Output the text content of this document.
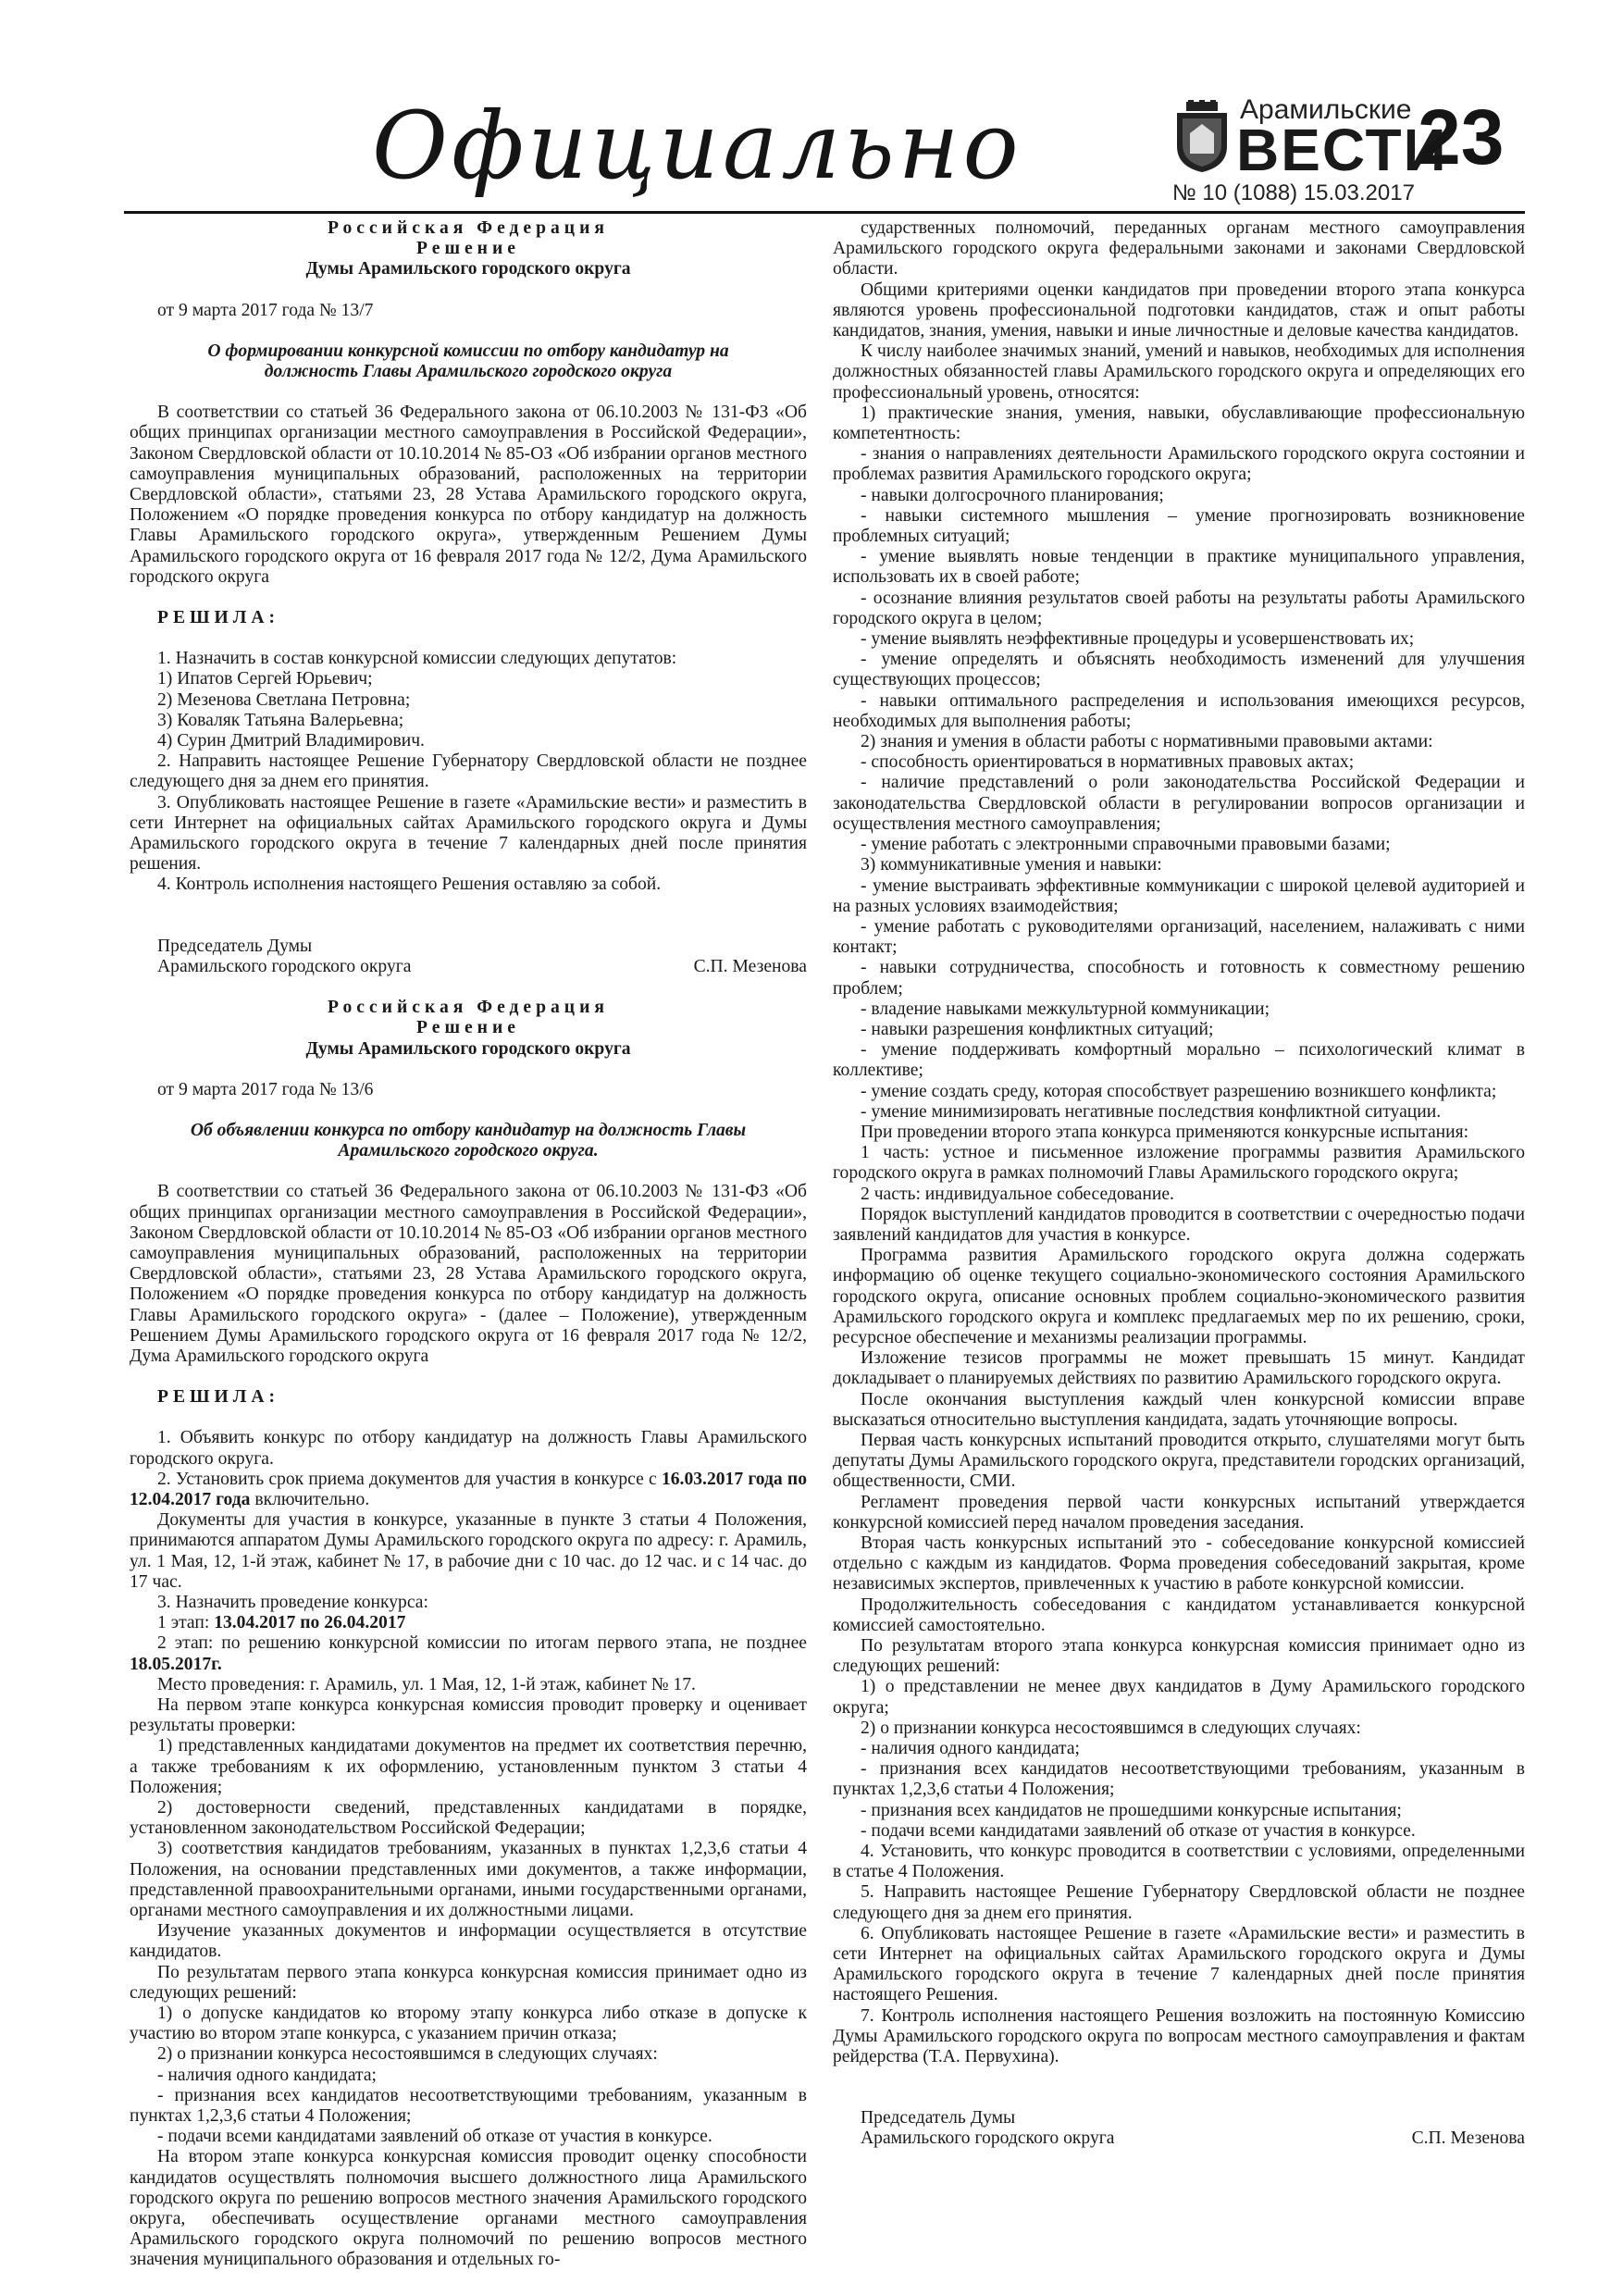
Официально	Арамильские
ВЕСТИ
23
№ 10 (1088) 15.03.2017

Российская Федерация

Решение

Думы Арамильского городского округа

от 9 марта 2017 года № 13/7

О формировании конкурсной комиссии по отбору кандидатур на должность Главы Арамильского городского округа

В соответствии со статьей 36 Федерального закона от 06.10.2003 № 131-ФЗ «Об общих принципах организации местного самоуправления в Российской Федерации», Законом Свердловской области от 10.10.2014 № 85-ОЗ «Об избрании органов местного самоуправления муниципальных образований, расположенных на территории Свердловской области», статьями 23, 28 Устава Арамильского городского округа, Положением «О порядке проведения конкурса по отбору кандидатур на должность Главы Арамильского городского округа», утвержденным Решением Думы Арамильского городского округа от 16 февраля 2017 года № 12/2, Дума Арамильского городского округа

РЕШИЛА:

1. Назначить в состав конкурсной комиссии следующих депутатов:

1) Ипатов Сергей Юрьевич;

2) Мезенова Светлана Петровна;

3) Коваляк Татьяна Валерьевна;

4) Сурин Дмитрий Владимирович.

2. Направить настоящее Решение Губернатору Свердловской области не позднее следующего дня за днем его принятия.

3. Опубликовать настоящее Решение в газете «Арамильские вести» и разместить в сети Интернет на официальных сайтах Арамильского городского округа и Думы Арамильского городского округа в течение 7 календарных дней после принятия решения.

4. Контроль исполнения настоящего Решения оставляю за собой.

Председатель Думы

Арамильского городского округа	С.П. Мезенова

Российская Федерация

Решение

Думы Арамильского городского округа

от 9 марта 2017 года № 13/6

Об объявлении конкурса по отбору кандидатур на должность Главы Арамильского городского округа.

В соответствии со статьей 36 Федерального закона от 06.10.2003 № 131-ФЗ «Об общих принципах организации местного самоуправления в Российской Федерации», Законом Свердловской области от 10.10.2014 № 85-ОЗ «Об избрании органов местного самоуправления муниципальных образований, расположенных на территории Свердловской области», статьями 23, 28 Устава Арамильского городского округа, Положением «О порядке проведения конкурса по отбору кандидатур на должность Главы Арамильского городского округа» - (далее – Положение), утвержденным Решением Думы Арамильского городского округа от 16 февраля 2017 года № 12/2, Дума Арамильского городского округа

РЕШИЛА:

1. Объявить конкурс по отбору кандидатур на должность Главы Арамильского городского округа.

2. Установить срок приема документов для участия в конкурсе с 16.03.2017 года по 12.04.2017 года включительно.

Документы для участия в конкурсе, указанные в пункте 3 статьи 4 Положения, принимаются аппаратом Думы Арамильского городского округа по адресу: г. Арамиль, ул. 1 Мая, 12, 1-й этаж, кабинет № 17, в рабочие дни с 10 час. до 12 час. и с 14 час. до 17 час.

3. Назначить проведение конкурса:

1 этап: 13.04.2017 по 26.04.2017

2 этап: по решению конкурсной комиссии по итогам первого этапа, не позднее 18.05.2017г.

Место проведения: г. Арамиль, ул. 1 Мая, 12, 1-й этаж, кабинет № 17.

На первом этапе конкурса конкурсная комиссия проводит проверку и оценивает результаты проверки:

1) представленных кандидатами документов на предмет их соответствия перечню, а также требованиям к их оформлению, установленным пунктом 3 статьи 4 Положения;

2) достоверности сведений, представленных кандидатами в порядке, установленном законодательством Российской Федерации;

3) соответствия кандидатов требованиям, указанных в пунктах 1,2,3,6 статьи 4 Положения, на основании представленных ими документов, а также информации, представленной правоохранительными органами, иными государственными органами, органами местного самоуправления и их должностными лицами.

Изучение указанных документов и информации осуществляется в отсутствие кандидатов.

По результатам первого этапа конкурса конкурсная комиссия принимает одно из следующих решений:

1) о допуске кандидатов ко второму этапу конкурса либо отказе в допуске к участию во втором этапе конкурса, с указанием причин отказа;

2) о признании конкурса несостоявшимся в следующих случаях:

- наличия одного кандидата;

- признания всех кандидатов несоответствующими требованиям, указанным в пунктах 1,2,3,6 статьи 4 Положения;

- подачи всеми кандидатами заявлений об отказе от участия в конкурсе.

На втором этапе конкурса конкурсная комиссия проводит оценку способности кандидатов осуществлять полномочия высшего должностного лица Арамильского городского округа по решению вопросов местного значения Арамильского городского округа, обеспечивать осуществление органами местного самоуправления Арамильского городского округа полномочий по решению вопросов местного значения муниципального образования и отдельных го-

сударственных полномочий, переданных органам местного самоуправления Арамильского городского округа федеральными законами и законами Свердловской области.

Общими критериями оценки кандидатов при проведении второго этапа конкурса являются уровень профессиональной подготовки кандидатов, стаж и опыт работы кандидатов, знания, умения, навыки и иные личностные и деловые качества кандидатов.

К числу наиболее значимых знаний, умений и навыков, необходимых для исполнения должностных обязанностей главы Арамильского городского округа и определяющих его профессиональный уровень, относятся:

1) практические знания, умения, навыки, обуславливающие профессиональную компетентность:

- знания о направлениях деятельности Арамильского городского округа состоянии и проблемах развития Арамильского городского округа;

- навыки долгосрочного планирования;

- навыки системного мышления – умение прогнозировать возникновение проблемных ситуаций;

- умение выявлять новые тенденции в практике муниципального управления, использовать их в своей работе;

- осознание влияния результатов своей работы на результаты работы Арамильского городского округа в целом;

- умение выявлять неэффективные процедуры и усовершенствовать их;

- умение определять и объяснять необходимость изменений для улучшения существующих процессов;

- навыки оптимального распределения и использования имеющихся ресурсов, необходимых для выполнения работы;

2) знания и умения в области работы с нормативными правовыми актами:

- способность ориентироваться в нормативных правовых актах;

- наличие представлений о роли законодательства Российской Федерации и законодательства Свердловской области в регулировании вопросов организации и осуществления местного самоуправления;

- умение работать с электронными справочными правовыми базами;

3) коммуникативные умения и навыки:

- умение выстраивать эффективные коммуникации с широкой целевой аудиторией и на разных условиях взаимодействия;

- умение работать с руководителями организаций, населением, налаживать с ними контакт;

- навыки сотрудничества, способность и готовность к совместному решению проблем;

- владение навыками межкультурной коммуникации;

- навыки разрешения конфликтных ситуаций;

- умение поддерживать комфортный морально – психологический климат в коллективе;

- умение создать среду, которая способствует разрешению возникшего конфликта;

- умение минимизировать негативные последствия конфликтной ситуации.

При проведении второго этапа конкурса применяются конкурсные испытания:

1 часть: устное и письменное изложение программы развития Арамильского городского округа в рамках полномочий Главы Арамильского городского округа;

2 часть: индивидуальное собеседование.

Порядок выступлений кандидатов проводится в соответствии с очередностью подачи заявлений кандидатов для участия в конкурсе.

Программа развития Арамильского городского округа должна содержать информацию об оценке текущего социально-экономического состояния Арамильского городского округа, описание основных проблем социально-экономического развития Арамильского городского округа и комплекс предлагаемых мер по их решению, сроки, ресурсное обеспечение и механизмы реализации программы.

Изложение тезисов программы не может превышать 15 минут. Кандидат докладывает о планируемых действиях по развитию Арамильского городского округа.

После окончания выступления каждый член конкурсной комиссии вправе высказаться относительно выступления кандидата, задать уточняющие вопросы.

Первая часть конкурсных испытаний проводится открыто, слушателями могут быть депутаты Думы Арамильского городского округа, представители городских организаций, общественности, СМИ.

Регламент проведения первой части конкурсных испытаний утверждается конкурсной комиссией перед началом проведения заседания.

Вторая часть конкурсных испытаний это - собеседование конкурсной комиссией отдельно с каждым из кандидатов. Форма проведения собеседований закрытая, кроме независимых экспертов, привлеченных к участию в работе конкурсной комиссии.

Продолжительность собеседования с кандидатом устанавливается конкурсной комиссией самостоятельно.

По результатам второго этапа конкурса конкурсная комиссия принимает одно из следующих решений:

1) о представлении не менее двух кандидатов в Думу Арамильского городского округа;

2) о признании конкурса несостоявшимся в следующих случаях:

- наличия одного кандидата;

- признания всех кандидатов несоответствующими требованиям, указанным в пунктах 1,2,3,6 статьи 4 Положения;

- признания всех кандидатов не прошедшими конкурсные испытания;

- подачи всеми кандидатами заявлений об отказе от участия в конкурсе.

4. Установить, что конкурс проводится в соответствии с условиями, определенными в статье 4 Положения.

5. Направить настоящее Решение Губернатору Свердловской области не позднее следующего дня за днем его принятия.

6. Опубликовать настоящее Решение в газете «Арамильские вести» и разместить в сети Интернет на официальных сайтах Арамильского городского округа и Думы Арамильского городского округа в течение 7 календарных дней после принятия настоящего Решения.

7. Контроль исполнения настоящего Решения возложить на постоянную Комиссию Думы Арамильского городского округа по вопросам местного самоуправления и фактам рейдерства (Т.А. Первухина).

Председатель Думы

Арамильского городского округа	С.П. Мезенова
